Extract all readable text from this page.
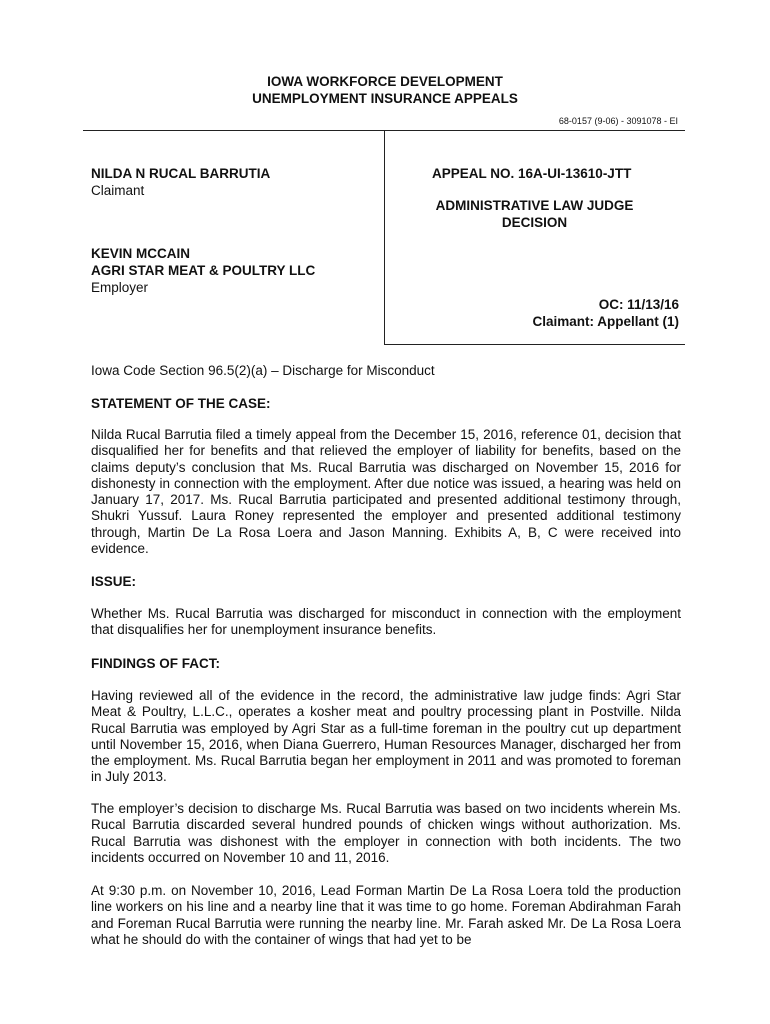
IOWA WORKFORCE DEVELOPMENT
UNEMPLOYMENT INSURANCE APPEALS
68-0157 (9-06) - 3091078 - EI
NILDA N RUCAL BARRUTIA
Claimant
KEVIN MCCAIN
AGRI STAR MEAT & POULTRY LLC
Employer
APPEAL NO. 16A-UI-13610-JTT
ADMINISTRATIVE LAW JUDGE
DECISION
OC: 11/13/16
Claimant: Appellant (1)
Iowa Code Section 96.5(2)(a) – Discharge for Misconduct
STATEMENT OF THE CASE:

Nilda Rucal Barrutia filed a timely appeal from the December 15, 2016, reference 01, decision that disqualified her for benefits and that relieved the employer of liability for benefits, based on the claims deputy’s conclusion that Ms. Rucal Barrutia was discharged on November 15, 2016 for dishonesty in connection with the employment. After due notice was issued, a hearing was held on January 17, 2017. Ms. Rucal Barrutia participated and presented additional testimony through, Shukri Yussuf. Laura Roney represented the employer and presented additional testimony through, Martin De La Rosa Loera and Jason Manning. Exhibits A, B, C were received into evidence.

ISSUE:

Whether Ms. Rucal Barrutia was discharged for misconduct in connection with the employment that disqualifies her for unemployment insurance benefits.

FINDINGS OF FACT:

Having reviewed all of the evidence in the record, the administrative law judge finds: Agri Star Meat & Poultry, L.L.C., operates a kosher meat and poultry processing plant in Postville. Nilda Rucal Barrutia was employed by Agri Star as a full-time foreman in the poultry cut up department until November 15, 2016, when Diana Guerrero, Human Resources Manager, discharged her from the employment. Ms. Rucal Barrutia began her employment in 2011 and was promoted to foreman in July 2013.

The employer’s decision to discharge Ms. Rucal Barrutia was based on two incidents wherein Ms. Rucal Barrutia discarded several hundred pounds of chicken wings without authorization. Ms. Rucal Barrutia was dishonest with the employer in connection with both incidents. The two incidents occurred on November 10 and 11, 2016.

At 9:30 p.m. on November 10, 2016, Lead Forman Martin De La Rosa Loera told the production line workers on his line and a nearby line that it was time to go home. Foreman Abdirahman Farah and Foreman Rucal Barrutia were running the nearby line. Mr. Farah asked Mr. De La Rosa Loera what he should do with the container of wings that had yet to be
